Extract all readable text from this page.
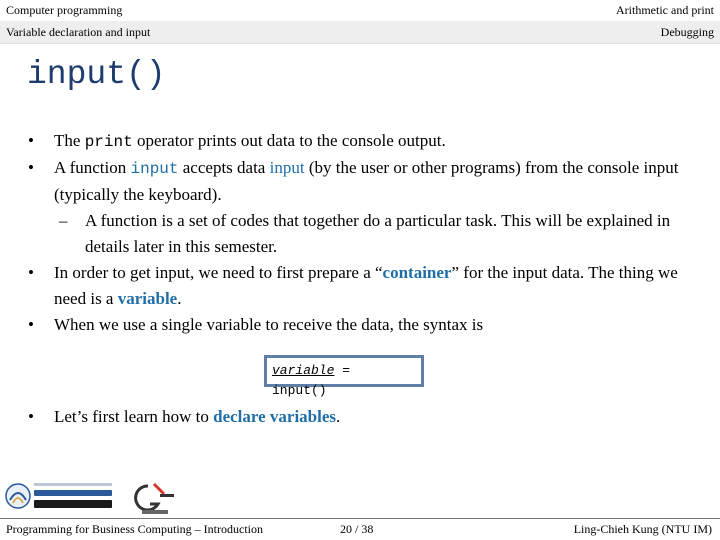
Computer programming	Arithmetic and print
Variable declaration and input	Debugging
input()

• The print operator prints out data to the console output.

• A function input accepts data input (by the user or other programs) from the console input (typically the keyboard).

– A function is a set of codes that together do a particular task. This will be explained in details later in this semester.

• In order to get input, we need to first prepare a “container” for the input data. The thing we need is a variable.

• When we use a single variable to receive the data, the syntax is

variable =
input()

• Let’s first learn how to declare variables.

Programming for Business Computing – Introduction	20 / 38	Ling-Chieh Kung (NTU IM)
